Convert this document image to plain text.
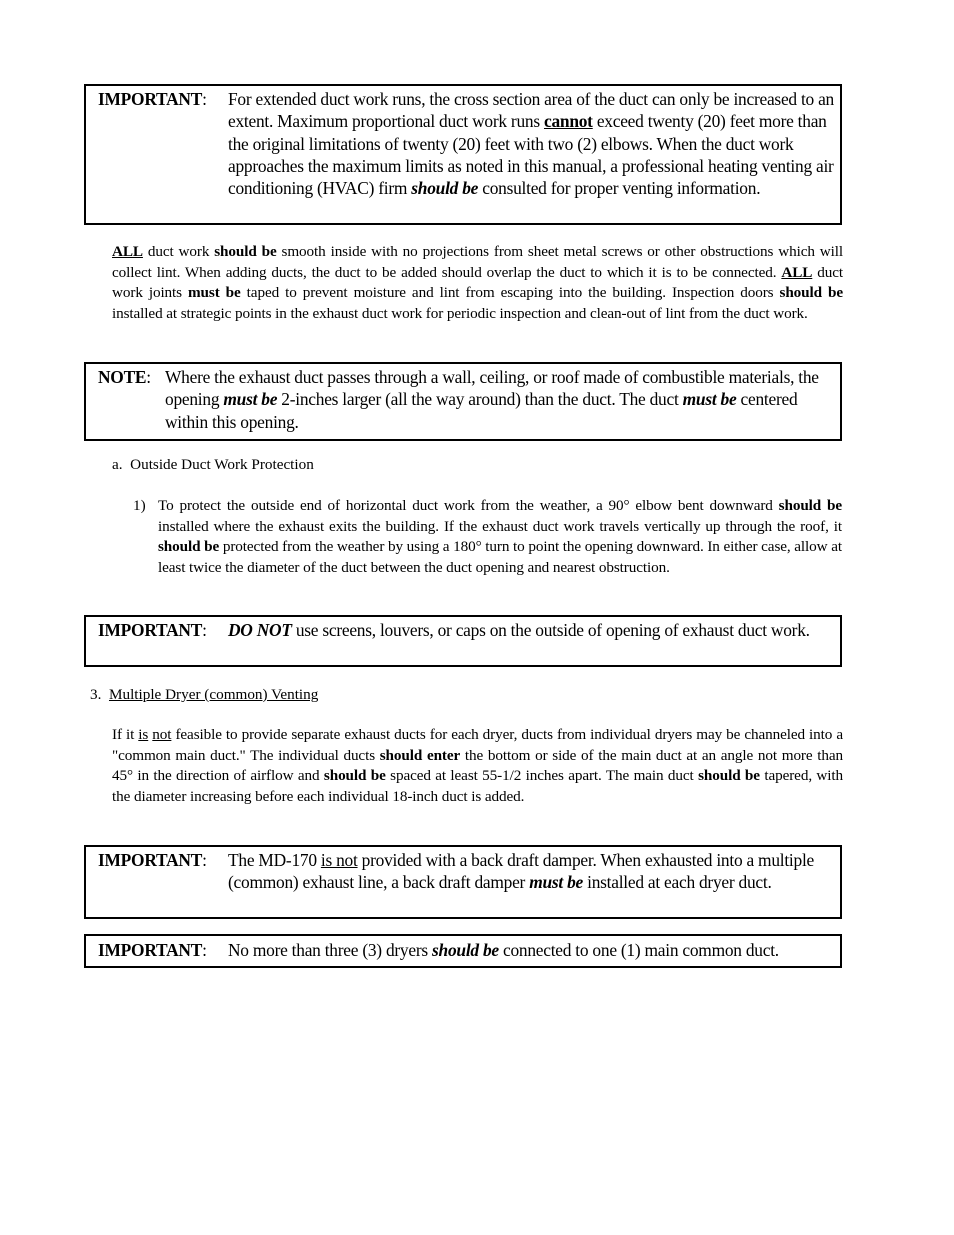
IMPORTANT: For extended duct work runs, the cross section area of the duct can only be increased to an extent. Maximum proportional duct work runs cannot exceed twenty (20) feet more than the original limitations of twenty (20) feet with two (2) elbows. When the duct work approaches the maximum limits as noted in this manual, a professional heating venting air conditioning (HVAC) firm should be consulted for proper venting information.
ALL duct work should be smooth inside with no projections from sheet metal screws or other obstructions which will collect lint. When adding ducts, the duct to be added should overlap the duct to which it is to be connected. ALL duct work joints must be taped to prevent moisture and lint from escaping into the building. Inspection doors should be installed at strategic points in the exhaust duct work for periodic inspection and clean-out of lint from the duct work.
NOTE: Where the exhaust duct passes through a wall, ceiling, or roof made of combustible materials, the opening must be 2-inches larger (all the way around) than the duct. The duct must be centered within this opening.
a. Outside Duct Work Protection
1) To protect the outside end of horizontal duct work from the weather, a 90° elbow bent downward should be installed where the exhaust exits the building. If the exhaust duct work travels vertically up through the roof, it should be protected from the weather by using a 180° turn to point the opening downward. In either case, allow at least twice the diameter of the duct between the duct opening and nearest obstruction.
IMPORTANT: DO NOT use screens, louvers, or caps on the outside of opening of exhaust duct work.
3. Multiple Dryer (common) Venting
If it is not feasible to provide separate exhaust ducts for each dryer, ducts from individual dryers may be channeled into a "common main duct." The individual ducts should enter the bottom or side of the main duct at an angle not more than 45° in the direction of airflow and should be spaced at least 55-1/2 inches apart. The main duct should be tapered, with the diameter increasing before each individual 18-inch duct is added.
IMPORTANT: The MD-170 is not provided with a back draft damper. When exhausted into a multiple (common) exhaust line, a back draft damper must be installed at each dryer duct.
IMPORTANT: No more than three (3) dryers should be connected to one (1) main common duct.
